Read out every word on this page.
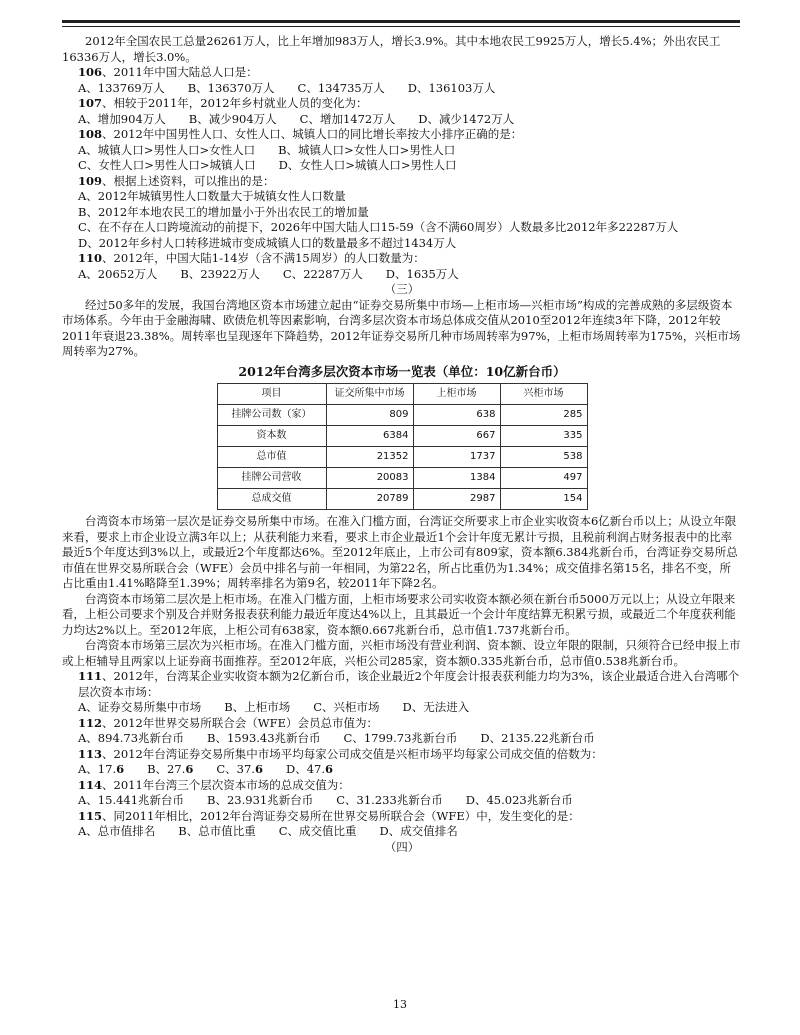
2012年全国农民工总量26261万人，比上年增加983万人，增长3.9%。其中本地农民工9925万人，增长5.4%；外出农民工16336万人，增长3.0%。

106、2011年中国大陆总人口是：

A、133769万人　　B、136370万人　　C、134735万人　　D、136103万人

107、相较于2011年，2012年乡村就业人员的变化为：

A、增加904万人　　B、减少904万人　　C、增加1472万人　　D、减少1472万人

108、2012年中国男性人口、女性人口、城镇人口的同比增长率按大小排序正确的是：

A、城镇人口>男性人口>女性人口　　B、城镇人口>女性人口>男性人口

C、女性人口>男性人口>城镇人口　　D、女性人口>城镇人口>男性人口

109、根据上述资料，可以推出的是：

A、2012年城镇男性人口数量大于城镇女性人口数量

B、2012年本地农民工的增加量小于外出农民工的增加量

C、在不存在人口跨境流动的前提下，2026年中国大陆人口15-59（含不满60周岁）人数最多比2012年多22287万人

D、2012年乡村人口转移进城市变成城镇人口的数量最多不超过1434万人

110、2012年，中国大陆1-14岁（含不满15周岁）的人口数量为：

A、20652万人　　B、23922万人　　C、22287万人　　D、1635万人

（三）

经过50多年的发展，我国台湾地区资本市场建立起由“证券交易所集中市场—上柜市场—兴柜市场”构成的完善成熟的多层级资本市场体系。今年由于金融海啸、欧债危机等因素影响，台湾多层次资本市场总体成交值从2010至2012年连续3年下降，2012年较2011年衰退23.38%。周转率也呈现逐年下降趋势，2012年证券交易所几种市场周转率为97%，上柜市场周转率为175%，兴柜市场周转率为27%。

2012年台湾多层次资本市场一览表（单位：10亿新台币）

项目	证交所集中市场	上柜市场	兴柜市场
挂牌公司数（家）	809	638	285
资本数	6384	667	335
总市值	21352	1737	538
挂牌公司营收	20083	1384	497
总成交值	20789	2987	154

台湾资本市场第一层次是证券交易所集中市场。在准入门槛方面，台湾证交所要求上市企业实收资本6亿新台币以上；从设立年限来看，要求上市企业设立满3年以上；从获利能力来看，要求上市企业最近1个会计年度无累计亏损，且税前利润占财务报表中的比率最近5个年度达到3%以上，或最近2个年度都达6%。至2012年底止，上市公司有809家，资本额6.384兆新台币，台湾证券交易所总市值在世界交易所联合会（WFE）会员中排名与前一年相同，为第22名，所占比重仍为1.34%；成交值排名第15名，排名不变，所占比重由1.41%略降至1.39%；周转率排名为第9名，较2011年下降2名。

台湾资本市场第二层次是上柜市场。在准入门槛方面，上柜市场要求公司实收资本额必须在新台币5000万元以上；从设立年限来看，上柜公司要求个别及合并财务报表获利能力最近年度达4%以上，且其最近一个会计年度结算无积累亏损，或最近二个年度获利能力均达2%以上。至2012年底，上柜公司有638家，资本额0.667兆新台币，总市值1.737兆新台币。

台湾资本市场第三层次为兴柜市场。在准入门槛方面，兴柜市场没有营业利润、资本额、设立年限的限制，只须符合已经申报上市或上柜辅导且两家以上证券商书面推荐。至2012年底，兴柜公司285家，资本额0.335兆新台币，总市值0.538兆新台币。

111、2012年，台湾某企业实收资本额为2亿新台币，该企业最近2个年度会计报表获利能力均为3%，该企业最适合进入台湾哪个层次资本市场：

A、证券交易所集中市场　　B、上柜市场　　C、兴柜市场　　D、无法进入

112、2012年世界交易所联合会（WFE）会员总市值为：

A、894.73兆新台币　　B、1593.43兆新台币　　C、1799.73兆新台币　　D、2135.22兆新台币

113、2012年台湾证券交易所集中市场平均每家公司成交值是兴柜市场平均每家公司成交值的倍数为：

A、17.6　　B、27.6　　C、37.6　　D、47.6

114、2011年台湾三个层次资本市场的总成交值为：

A、15.441兆新台币　　B、23.931兆新台币　　C、31.233兆新台币　　D、45.023兆新台币

115、同2011年相比，2012年台湾证券交易所在世界交易所联合会（WFE）中，发生变化的是：

A、总市值排名　　B、总市值比重　　C、成交值比重　　D、成交值排名

（四）

13
